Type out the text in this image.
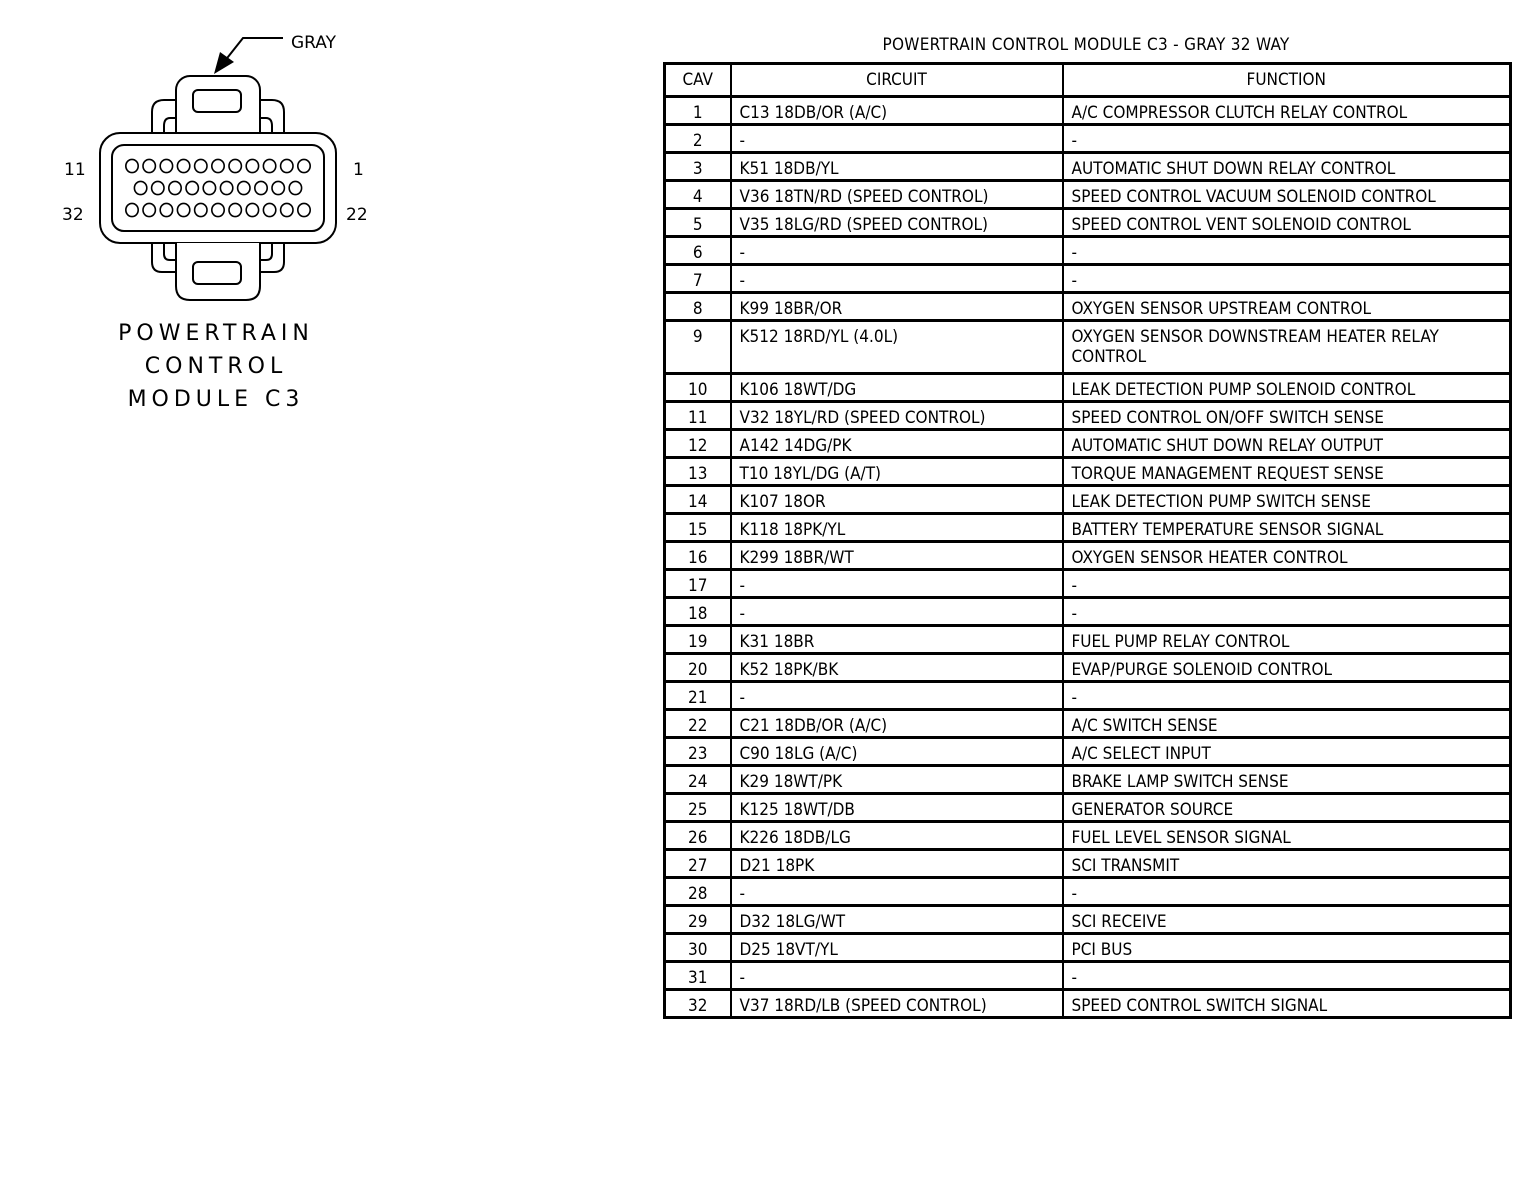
GRAY
11	1
32	22
POWERTRAIN
CONTROL
MODULE C3
POWERTRAIN CONTROL MODULE C3 - GRAY 32 WAY
CAV	CIRCUIT	FUNCTION
1	C13 18DB/OR (A/C)	A/C COMPRESSOR CLUTCH RELAY CONTROL
2	-	-
3	K51 18DB/YL	AUTOMATIC SHUT DOWN RELAY CONTROL
4	V36 18TN/RD (SPEED CONTROL)	SPEED CONTROL VACUUM SOLENOID CONTROL
5	V35 18LG/RD (SPEED CONTROL)	SPEED CONTROL VENT SOLENOID CONTROL
6	-	-
7	-	-
8	K99 18BR/OR	OXYGEN SENSOR UPSTREAM CONTROL
9	K512 18RD/YL (4.0L)	OXYGEN SENSOR DOWNSTREAM HEATER RELAY CONTROL
10	K106 18WT/DG	LEAK DETECTION PUMP SOLENOID CONTROL
11	V32 18YL/RD (SPEED CONTROL)	SPEED CONTROL ON/OFF SWITCH SENSE
12	A142 14DG/PK	AUTOMATIC SHUT DOWN RELAY OUTPUT
13	T10 18YL/DG (A/T)	TORQUE MANAGEMENT REQUEST SENSE
14	K107 18OR	LEAK DETECTION PUMP SWITCH SENSE
15	K118 18PK/YL	BATTERY TEMPERATURE SENSOR SIGNAL
16	K299 18BR/WT	OXYGEN SENSOR HEATER CONTROL
17	-	-
18	-	-
19	K31 18BR	FUEL PUMP RELAY CONTROL
20	K52 18PK/BK	EVAP/PURGE SOLENOID CONTROL
21	-	-
22	C21 18DB/OR (A/C)	A/C SWITCH SENSE
23	C90 18LG (A/C)	A/C SELECT INPUT
24	K29 18WT/PK	BRAKE LAMP SWITCH SENSE
25	K125 18WT/DB	GENERATOR SOURCE
26	K226 18DB/LG	FUEL LEVEL SENSOR SIGNAL
27	D21 18PK	SCI TRANSMIT
28	-	-
29	D32 18LG/WT	SCI RECEIVE
30	D25 18VT/YL	PCI BUS
31	-	-
32	V37 18RD/LB (SPEED CONTROL)	SPEED CONTROL SWITCH SIGNAL
